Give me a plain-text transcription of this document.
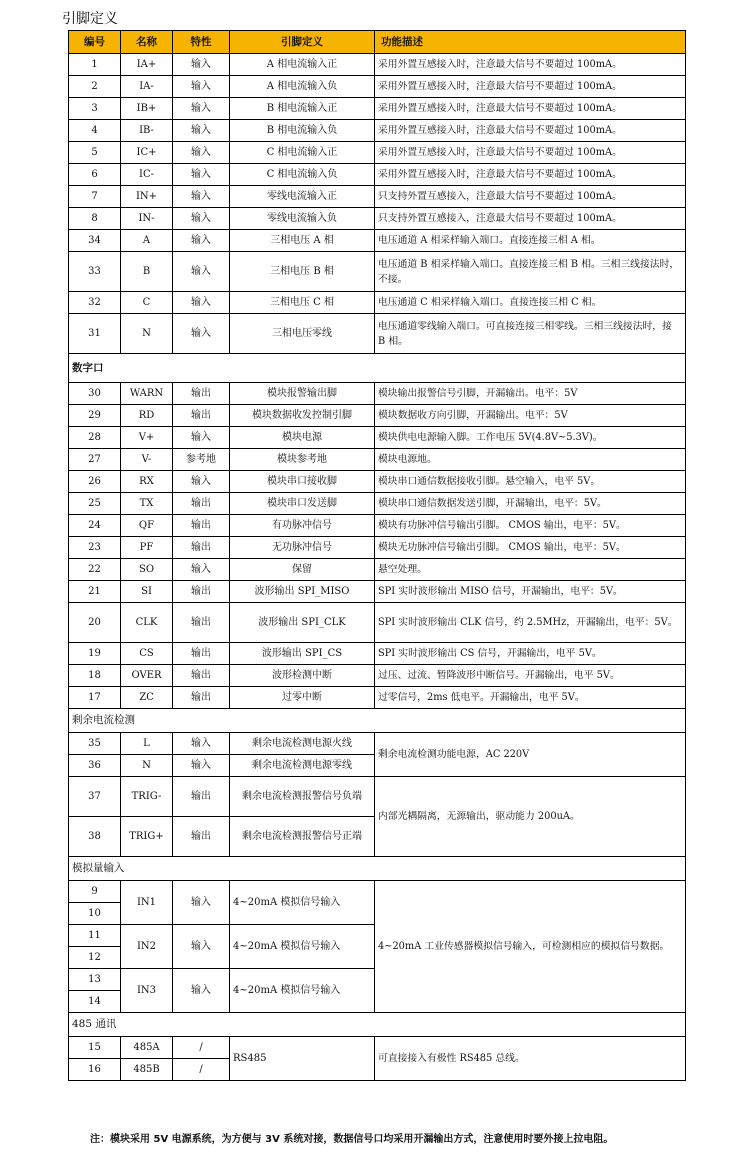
引脚定义
编号	名称	特性	引脚定义	功能描述
1	IA+	输入	A 相电流输入正	采用外置互感接入时，注意最大信号不要超过 100mA。
2	IA-	输入	A 相电流输入负	采用外置互感接入时，注意最大信号不要超过 100mA。
3	IB+	输入	B 相电流输入正	采用外置互感接入时，注意最大信号不要超过 100mA。
4	IB-	输入	B 相电流输入负	采用外置互感接入时，注意最大信号不要超过 100mA。
5	IC+	输入	C 相电流输入正	采用外置互感接入时，注意最大信号不要超过 100mA。
6	IC-	输入	C 相电流输入负	采用外置互感接入时，注意最大信号不要超过 100mA。
7	IN+	输入	零线电流输入正	只支持外置互感接入，注意最大信号不要超过 100mA。
8	IN-	输入	零线电流输入负	只支持外置互感接入，注意最大信号不要超过 100mA。
34	A	输入	三相电压 A 相	电压通道 A 相采样输入端口。直接连接三相 A 相。
33	B	输入	三相电压 B 相	电压通道 B 相采样输入端口。直接连接三相 B 相。三相三线接法时，不接。
32	C	输入	三相电压 C 相	电压通道 C 相采样输入端口。直接连接三相 C 相。
31	N	输入	三相电压零线	电压通道零线输入端口。可直接连接三相零线。三相三线接法时，接 B 相。
数字口				
30	WARN	输出	模块报警输出脚	模块输出报警信号引脚，开漏输出。电平：5V
29	RD	输出	模块数据收发控制引脚	模块数据收方向引脚，开漏输出。电平：5V
28	V+	输入	模块电源	模块供电电源输入脚。工作电压 5V(4.8V~5.3V)。
27	V-	参考地	模块参考地	模块电源地。
26	RX	输入	模块串口接收脚	模块串口通信数据接收引脚。悬空输入，电平 5V。
25	TX	输出	模块串口发送脚	模块串口通信数据发送引脚，开漏输出，电平：5V。
24	QF	输出	有功脉冲信号	模块有功脉冲信号输出引脚。 CMOS 输出，电平：5V。
23	PF	输出	无功脉冲信号	模块无功脉冲信号输出引脚。 CMOS 输出，电平：5V。
22	SO	输入	保留	悬空处理。
21	SI	输出	波形输出 SPI_MISO	SPI 实时波形输出 MISO 信号，开漏输出，电平：5V。
20	CLK	输出	波形输出 SPI_CLK	SPI 实时波形输出 CLK 信号，约 2.5MHz，开漏输出，电平：5V。
19	CS	输出	波形输出 SPI_CS	SPI 实时波形输出 CS 信号，开漏输出，电平 5V。
18	OVER	输出	波形检测中断	过压、过流、暂降波形中断信号。开漏输出，电平 5V。
17	ZC	输出	过零中断	过零信号，2ms 低电平。开漏输出，电平 5V。
剩余电流检测				
35	L	输入	剩余电流检测电源火线	剩余电流检测功能电源，AC 220V
36	N	输入	剩余电流检测电源零线	
37	TRIG-	输出	剩余电流检测报警信号负端	内部光耦隔离，无源输出，驱动能力 200uA。
38	TRIG+	输出	剩余电流检测报警信号正端	
模拟量输入				
9	IN1	输入	4~20mA 模拟信号输入	4~20mA 工业传感器模拟信号输入，可检测相应的模拟信号数据。
10				
11	IN2	输入	4~20mA 模拟信号输入	
12				
13	IN3	输入	4~20mA 模拟信号输入	
14				
485 通讯				
15	485A	/	RS485	可直接接入有极性 RS485 总线。
16	485B	/		
注：模块采用 5V 电源系统，为方便与 3V 系统对接，数据信号口均采用开漏输出方式，注意使用时要外接上拉电阻。
